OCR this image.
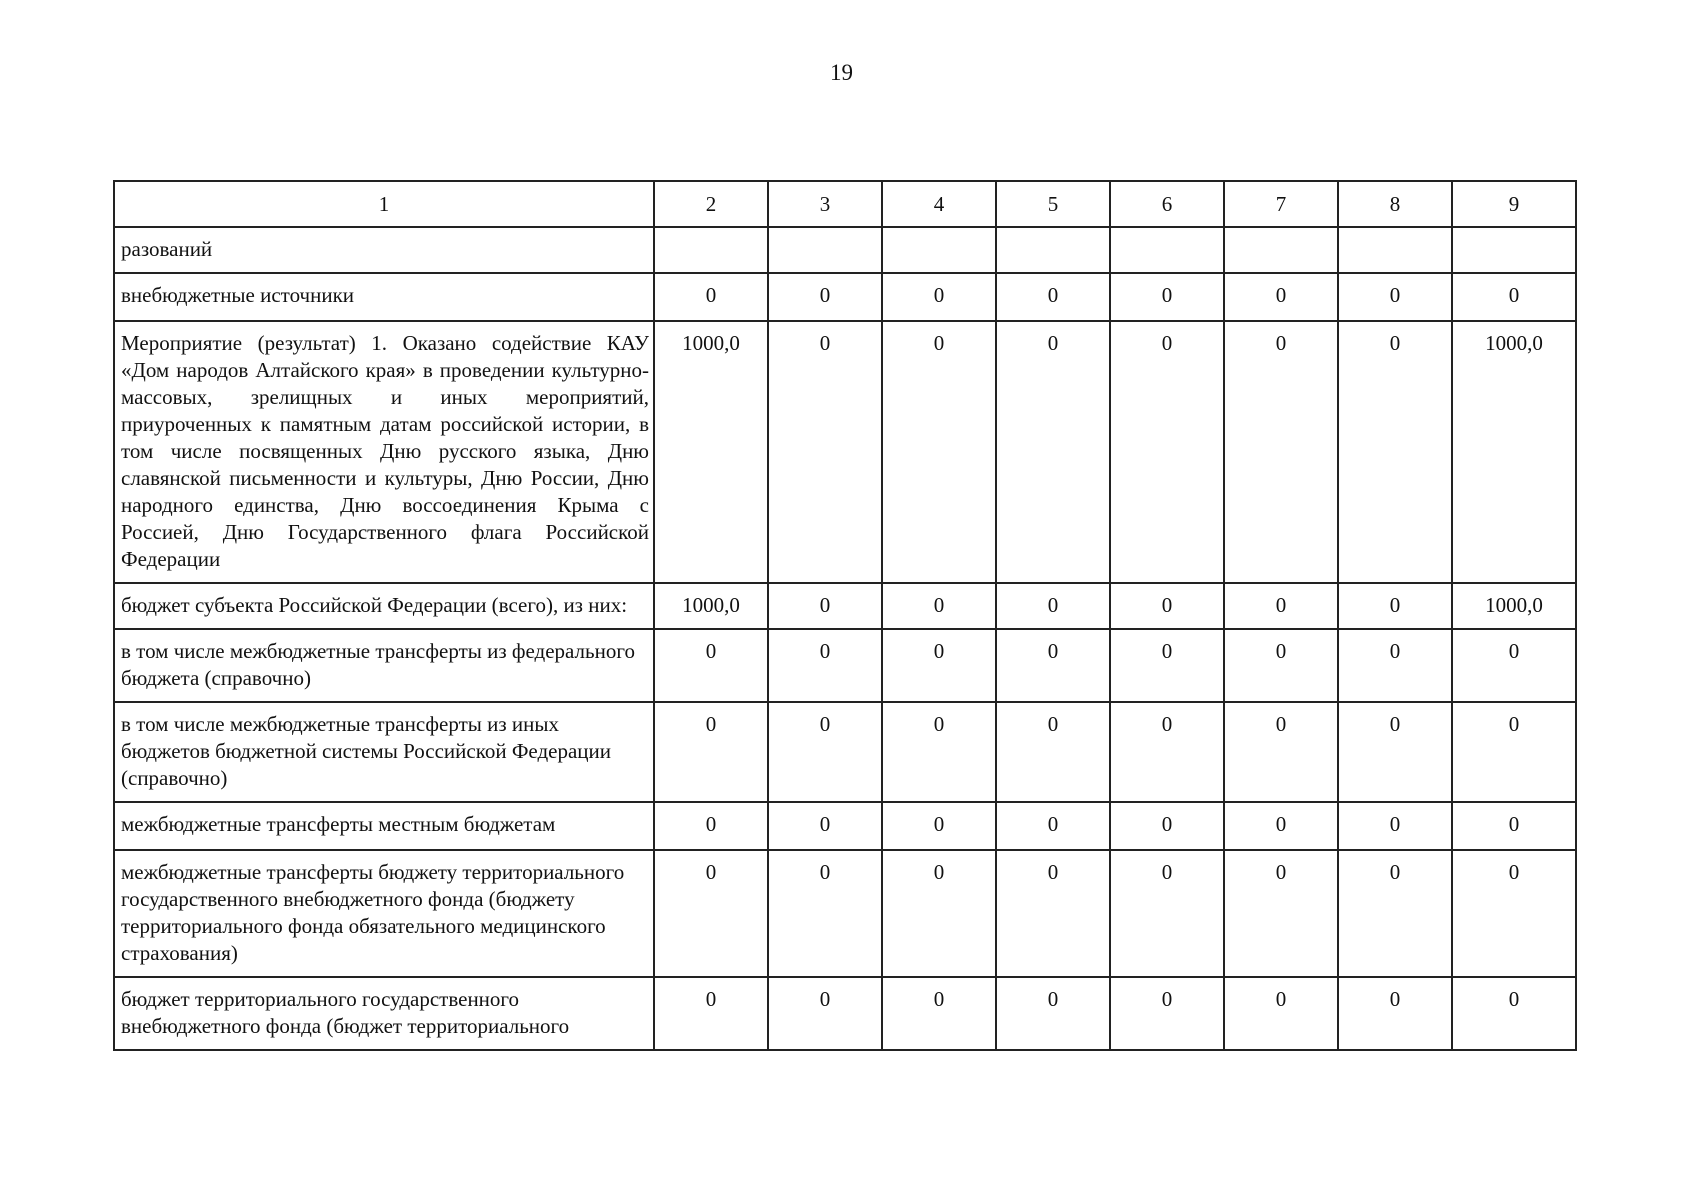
19
1	2	3	4	5	6	7	8	9
разований								
внебюджетные источники	0	0	0	0	0	0	0	0
Мероприятие (результат) 1. Оказано содействие КАУ «Дом народов Алтайского края» в проведении культурно-массовых, зрелищных и иных мероприятий, приуроченных к памятным датам российской истории, в том числе посвященных Дню русского языка, Дню славянской письменности и культуры, Дню России, Дню народного единства, Дню воссоединения Крыма с Россией, Дню Государственного флага Российской Федерации	1000,0	0	0	0	0	0	0	1000,0
бюджет субъекта Российской Федерации (всего), из них:	1000,0	0	0	0	0	0	0	1000,0
в том числе межбюджетные трансферты из федерального бюджета (справочно)	0	0	0	0	0	0	0	0
в том числе межбюджетные трансферты из иных бюджетов бюджетной системы Российской Федерации (справочно)	0	0	0	0	0	0	0	0
межбюджетные трансферты местным бюджетам	0	0	0	0	0	0	0	0
межбюджетные трансферты бюджету территориального государственного внебюджетного фонда (бюджету территориального фонда обязательного медицинского страхования)	0	0	0	0	0	0	0	0
бюджет территориального государственного внебюджетного фонда (бюджет территориального	0	0	0	0	0	0	0	0
